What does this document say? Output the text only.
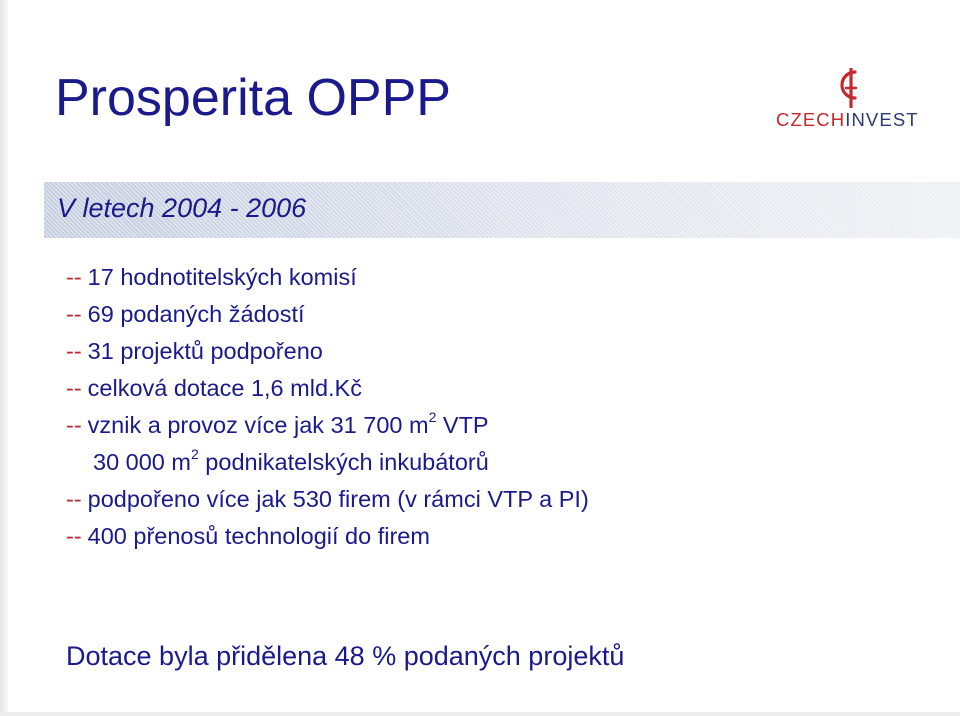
Prosperita OPPP	CZECHINVEST
V letech 2004 - 2006
-- 17 hodnotitelských komisí
-- 69 podaných žádostí
-- 31 projektů podpořeno
-- celková dotace 1,6 mld.Kč
-- vznik a provoz více jak 31 700 $m^2$ VTP
30 000 $m^2$ podnikatelských inkubátorů
-- podpořeno více jak 530 firem (v rámci VTP a PI)
-- 400 přenosů technologií do firem
Dotace byla přidělena 48 % podaných projektů
